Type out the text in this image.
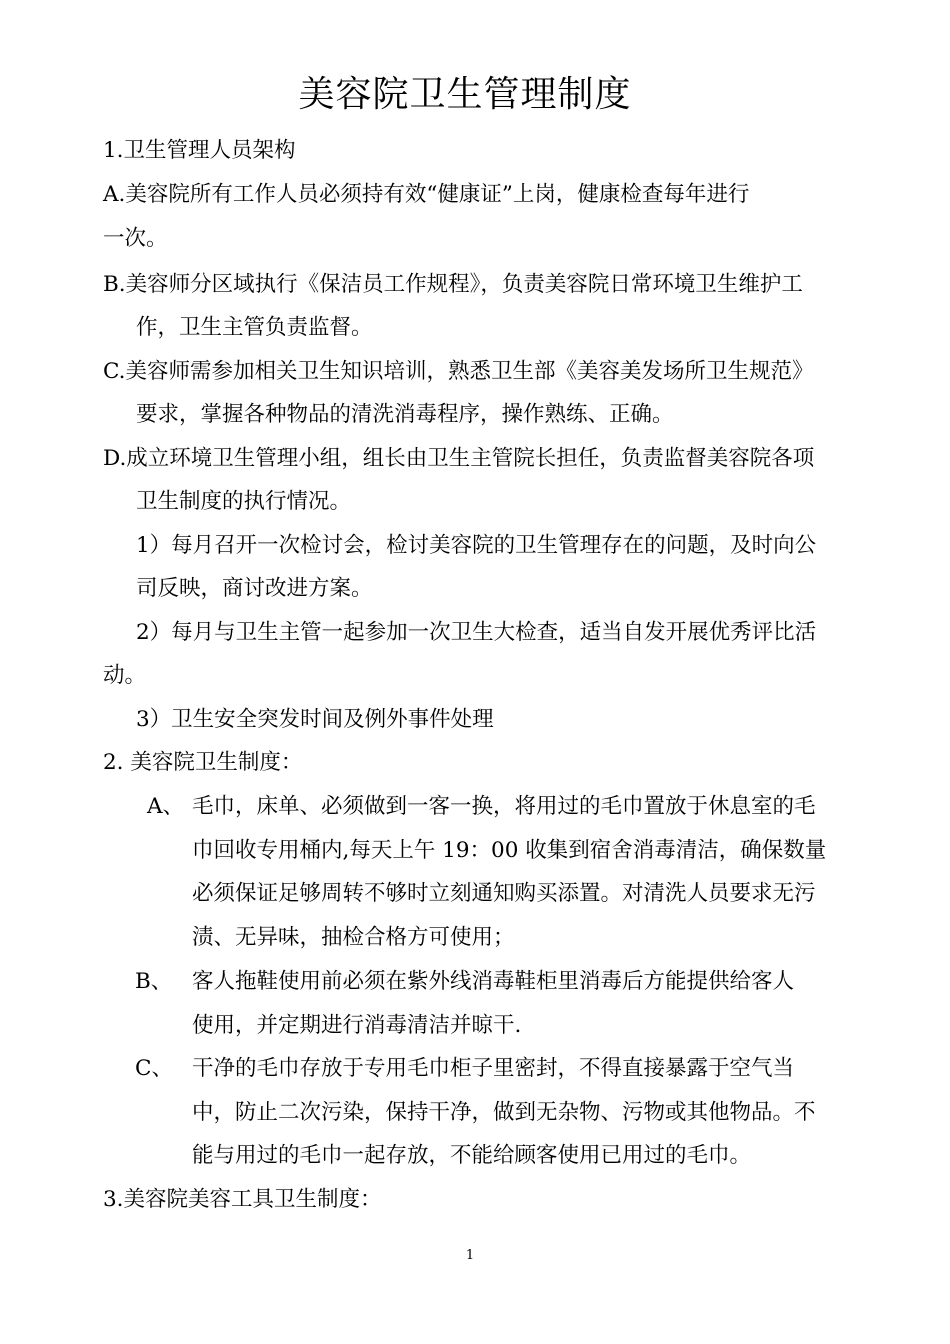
美容院卫生管理制度
1.卫生管理人员架构
A.美容院所有工作人员必须持有效“健康证”上岗，健康检查每年进行
一次。
B.美容师分区域执行《保洁员工作规程》，负责美容院日常环境卫生维护工
作，卫生主管负责监督。
C.美容师需参加相关卫生知识培训，熟悉卫生部《美容美发场所卫生规范》
要求，掌握各种物品的清洗消毒程序，操作熟练、正确。
D.成立环境卫生管理小组，组长由卫生主管院长担任，负责监督美容院各项
卫生制度的执行情况。
1）每月召开一次检讨会，检讨美容院的卫生管理存在的问题，及时向公
司反映，商讨改进方案。
2）每月与卫生主管一起参加一次卫生大检查，适当自发开展优秀评比活
动。
3）卫生安全突发时间及例外事件处理
2. 美容院卫生制度：
A、 毛巾，床单、必须做到一客一换，将用过的毛巾置放于休息室的毛
巾回收专用桶内,每天上午 19：00 收集到宿舍消毒清洁，确保数量
必须保证足够周转不够时立刻通知购买添置。对清洗人员要求无污
渍、无异味，抽检合格方可使用；
B、 客人拖鞋使用前必须在紫外线消毒鞋柜里消毒后方能提供给客人
使用，并定期进行消毒清洁并晾干.
C、 干净的毛巾存放于专用毛巾柜子里密封，不得直接暴露于空气当
中，防止二次污染，保持干净，做到无杂物、污物或其他物品。不
能与用过的毛巾一起存放，不能给顾客使用已用过的毛巾。
3.美容院美容工具卫生制度：
1
